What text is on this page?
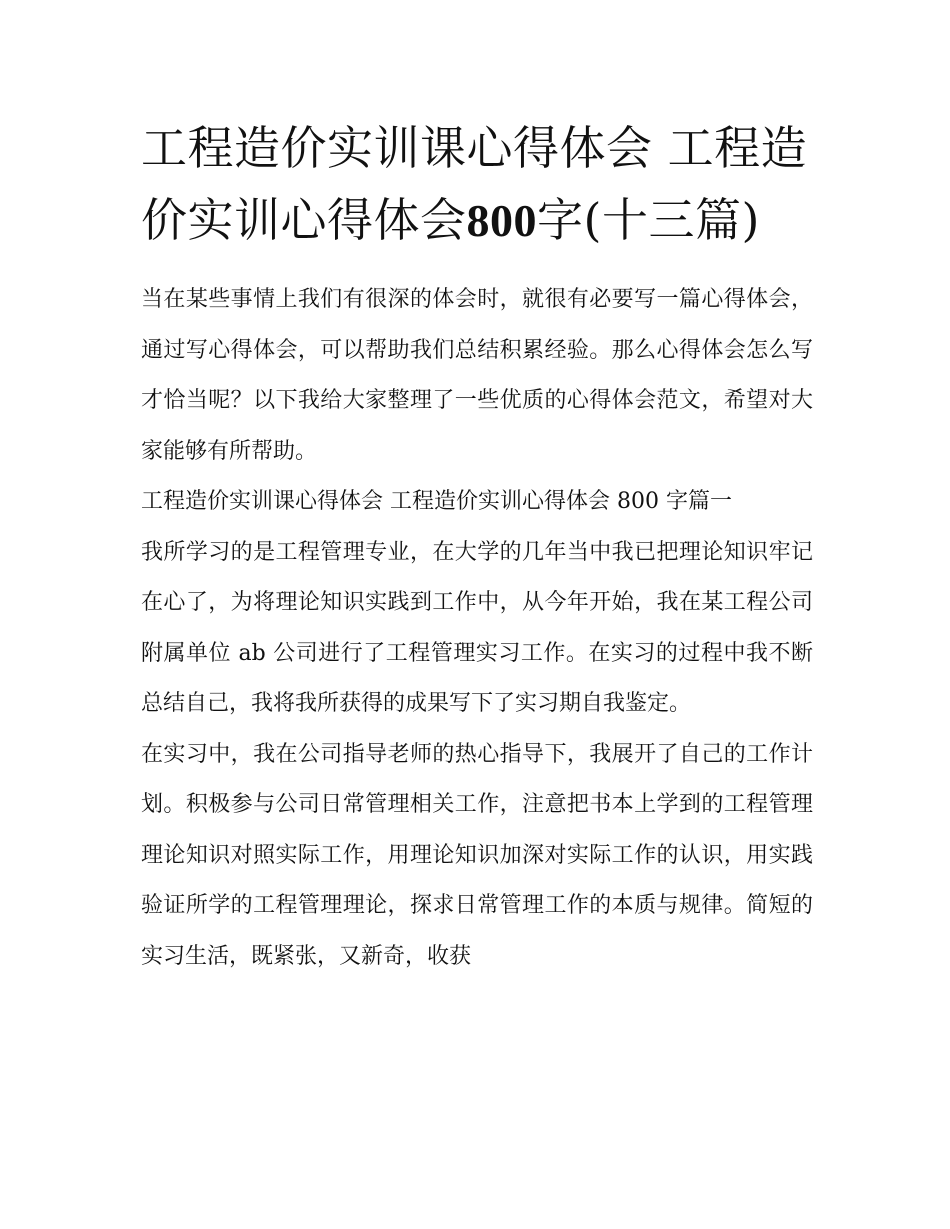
工程造价实训课心得体会 工程造价实训心得体会800字(十三篇)

当在某些事情上我们有很深的体会时，就很有必要写一篇心得体会，通过写心得体会，可以帮助我们总结积累经验。那么心得体会怎么写才恰当呢？以下我给大家整理了一些优质的心得体会范文，希望对大家能够有所帮助。

工程造价实训课心得体会 工程造价实训心得体会 800 字篇一

我所学习的是工程管理专业，在大学的几年当中我已把理论知识牢记在心了，为将理论知识实践到工作中，从今年开始，我在某工程公司附属单位 ab 公司进行了工程管理实习工作。在实习的过程中我不断总结自己，我将我所获得的成果写下了实习期自我鉴定。

在实习中，我在公司指导老师的热心指导下，我展开了自己的工作计划。积极参与公司日常管理相关工作，注意把书本上学到的工程管理理论知识对照实际工作，用理论知识加深对实际工作的认识，用实践验证所学的工程管理理论，探求日常管理工作的本质与规律。简短的实习生活，既紧张，又新奇，收获
